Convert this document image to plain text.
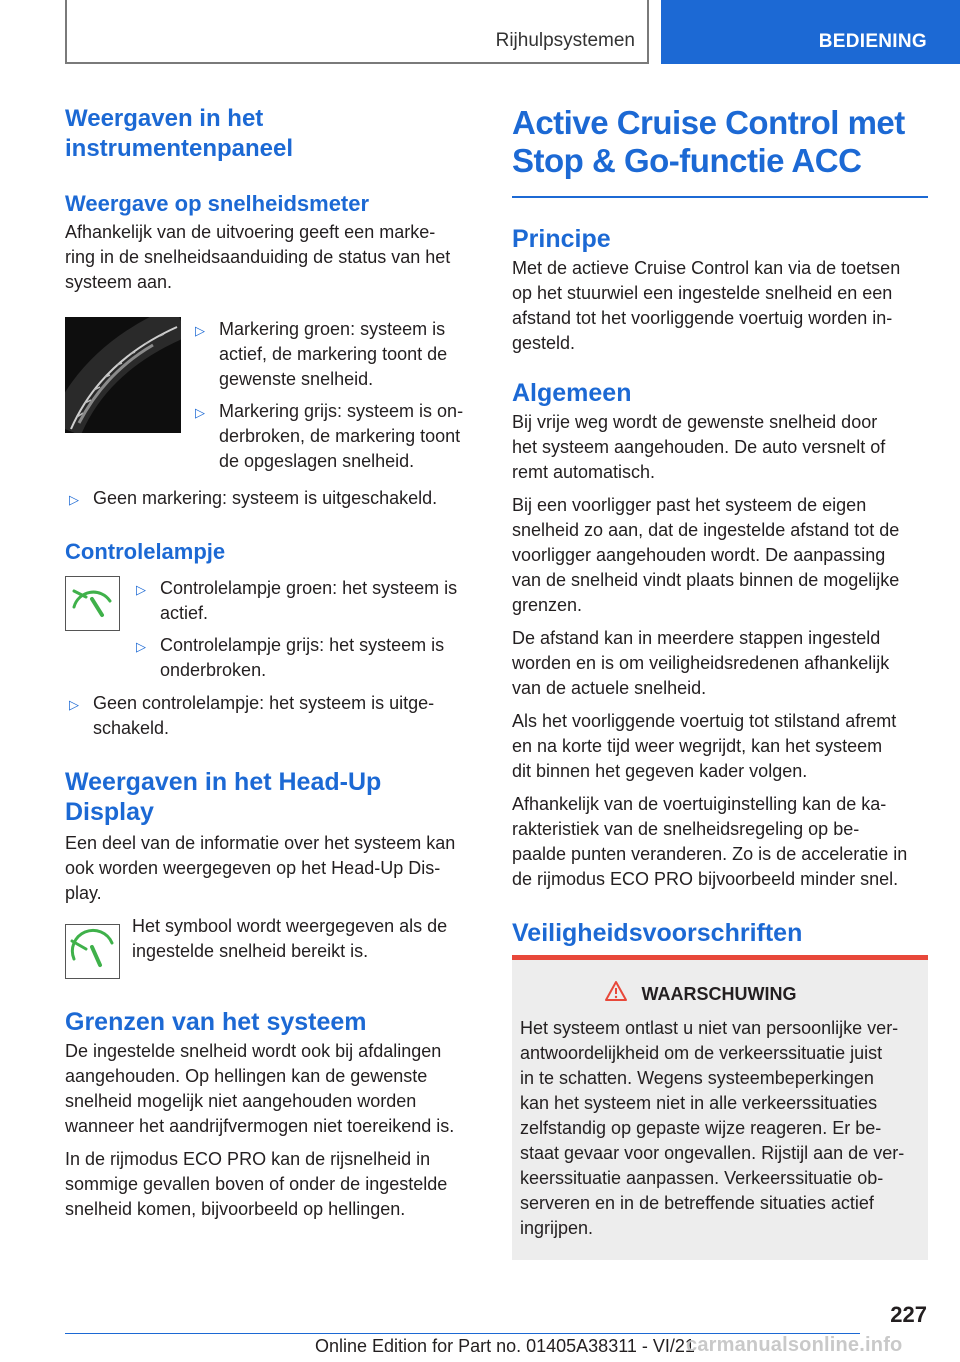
Rijhulpsystemen	BEDIENING
Weergaven in het
instrumentenpaneel
Weergave op snelheidsmeter
Afhankelijk van de uitvoering geeft een marke-
ring in de snelheidsaanduiding de status van het
systeem aan.
▷ Markering groen: systeem is
actief, de markering toont de
gewenste snelheid.
▷ Markering grijs: systeem is on-
derbroken, de markering toont
de opgeslagen snelheid.
▷ Geen markering: systeem is uitgeschakeld.
Controlelampje
▷ Controlelampje groen: het systeem is
actief.
▷ Controlelampje grijs: het systeem is
onderbroken.
▷ Geen controlelampje: het systeem is uitge-
schakeld.
Weergaven in het Head-Up
Display
Een deel van de informatie over het systeem kan
ook worden weergegeven op het Head-Up Dis-
play.
Het symbool wordt weergegeven als de
ingestelde snelheid bereikt is.
Grenzen van het systeem
De ingestelde snelheid wordt ook bij afdalingen
aangehouden. Op hellingen kan de gewenste
snelheid mogelijk niet aangehouden worden
wanneer het aandrijfvermogen niet toereikend is.
In de rijmodus ECO PRO kan de rijsnelheid in
sommige gevallen boven of onder de ingestelde
snelheid komen, bijvoorbeeld op hellingen.
Active Cruise Control met
Stop & Go-functie ACC
Principe
Met de actieve Cruise Control kan via de toetsen
op het stuurwiel een ingestelde snelheid en een
afstand tot het voorliggende voertuig worden in-
gesteld.
Algemeen
Bij vrije weg wordt de gewenste snelheid door
het systeem aangehouden. De auto versnelt of
remt automatisch.
Bij een voorligger past het systeem de eigen
snelheid zo aan, dat de ingestelde afstand tot de
voorligger aangehouden wordt. De aanpassing
van de snelheid vindt plaats binnen de mogelijke
grenzen.
De afstand kan in meerdere stappen ingesteld
worden en is om veiligheidsredenen afhankelijk
van de actuele snelheid.
Als het voorliggende voertuig tot stilstand afremt
en na korte tijd weer wegrijdt, kan het systeem
dit binnen het gegeven kader volgen.
Afhankelijk van de voertuiginstelling kan de ka-
rakteristiek van de snelheidsregeling op be-
paalde punten veranderen. Zo is de acceleratie in
de rijmodus ECO PRO bijvoorbeeld minder snel.
Veiligheidsvoorschriften
WAARSCHUWING
Het systeem ontlast u niet van persoonlijke ver-
antwoordelijkheid om de verkeerssituatie juist
in te schatten. Wegens systeembeperkingen
kan het systeem niet in alle verkeerssituaties
zelfstandig op gepaste wijze reageren. Er be-
staat gevaar voor ongevallen. Rijstijl aan de ver-
keerssituatie aanpassen. Verkeerssituatie ob-
serveren en in de betreffende situaties actief
ingrijpen.
227
Online Edition for Part no. 01405A38311 - VI/21
carmanualsonline.info
